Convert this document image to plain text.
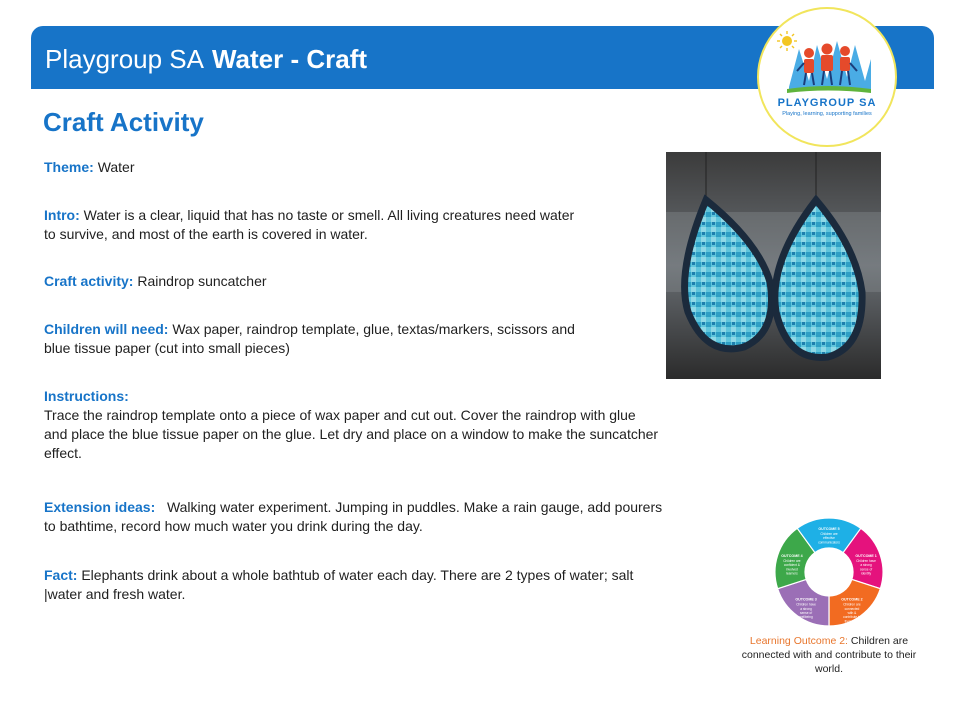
Playgroup SA Water - Craft
PLAYGROUP SA
Playing, learning, supporting families
Craft Activity
Theme: Water
Intro: Water is a clear, liquid that has no taste or smell. All living creatures need water
to survive, and most of the earth is covered in water.
Craft activity: Raindrop suncatcher
Children will need: Wax paper, raindrop template, glue, textas/markers, scissors and
blue tissue paper (cut into small pieces)
Instructions:
Trace the raindrop template onto a piece of wax paper and cut out. Cover the raindrop with glue
and place the blue tissue paper on the glue. Let dry and place on a window to make the suncatcher
effect.
Extension ideas: Walking water experiment. Jumping in puddles. Make a rain gauge, add pourers
to bathtime, record how much water you drink during the day.
Fact: Elephants drink about a whole bathtub of water each day. There are 2 types of water; salt
|water and fresh water.
OUTCOME 1
Children have
a strong
sense of
identity
OUTCOME 2
Children are
connected
with &
contribute to
their world
OUTCOME 3
Children have
a strong
sense of
wellbeing
OUTCOME 4
Children are
confident &
involved
learners
OUTCOME 5
Children are
effective
communicators
Learning Outcome 2: Children are connected with and contribute to their world.
